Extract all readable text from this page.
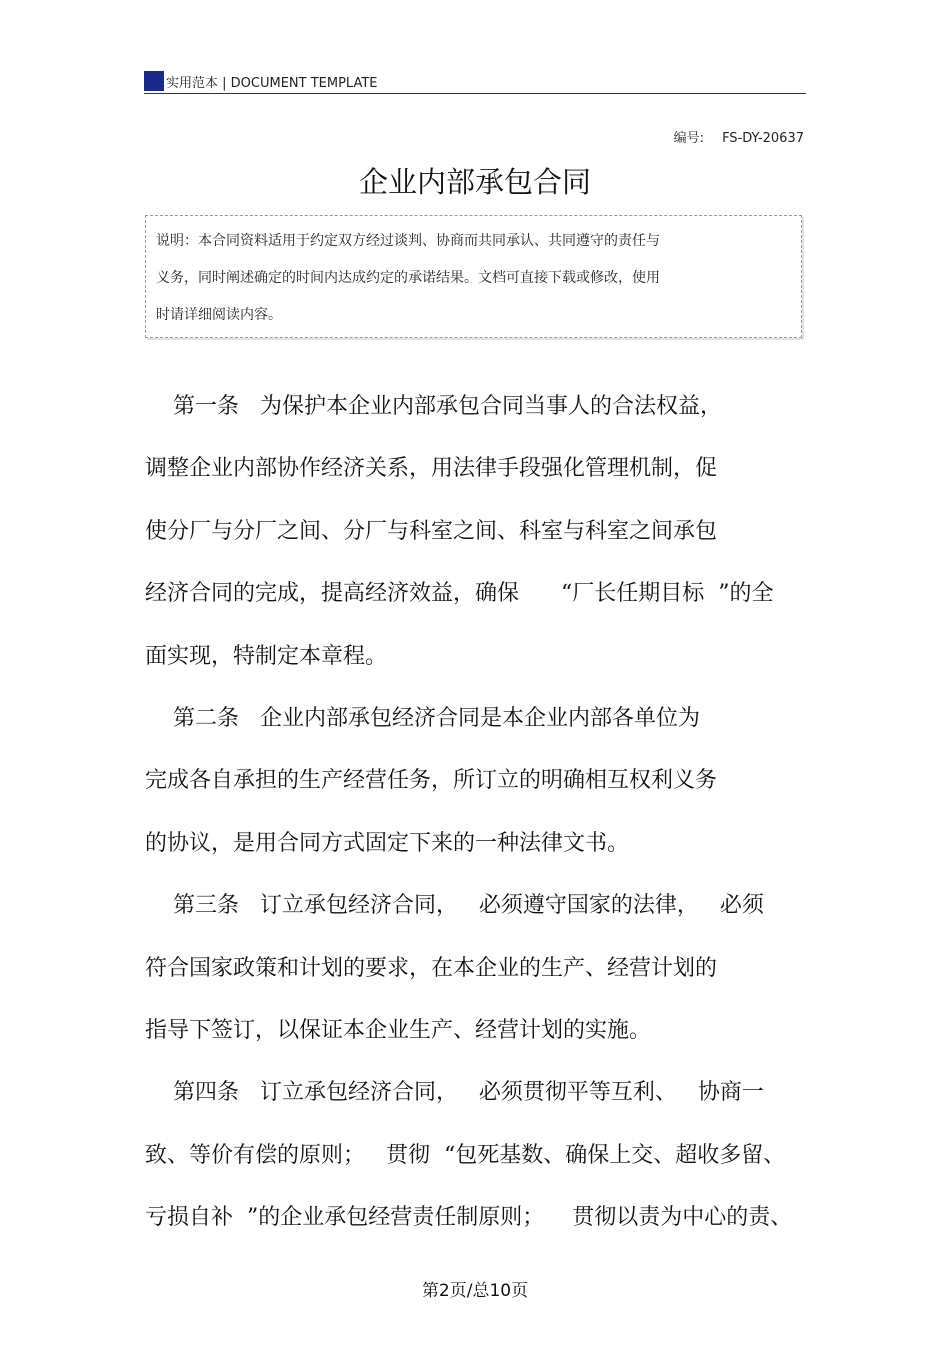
实用范本 | DOCUMENT TEMPLATE
编号: FS-DY-20637
企业内部承包合同
说明：本合同资料适用于约定双方经过谈判、协商而共同承认、共同遵守的责任与
义务，同时阐述确定的时间内达成约定的承诺结果。文档可直接下载或修改，使用
时请详细阅读内容。
第一条   为保护本企业内部承包合同当事人的合法权益，
调整企业内部协作经济关系，用法律手段强化管理机制，促
使分厂与分厂之间、分厂与科室之间、科室与科室之间承包
经济合同的完成，提高经济效益，确保      “厂长任期目标  ”的全
面实现，特制定本章程。
第二条   企业内部承包经济合同是本企业内部各单位为
完成各自承担的生产经营任务，所订立的明确相互权利义务
的协议，是用合同方式固定下来的一种法律文书。
第三条   订立承包经济合同，   必须遵守国家的法律，   必须
符合国家政策和计划的要求，在本企业的生产、经营计划的
指导下签订，以保证本企业生产、经营计划的实施。
第四条   订立承包经济合同，   必须贯彻平等互利、   协商一
致、等价有偿的原则；   贯彻  “包死基数、确保上交、超收多留、
亏损自补  ”的企业承包经营责任制原则；    贯彻以责为中心的责、
第2页/总10页
